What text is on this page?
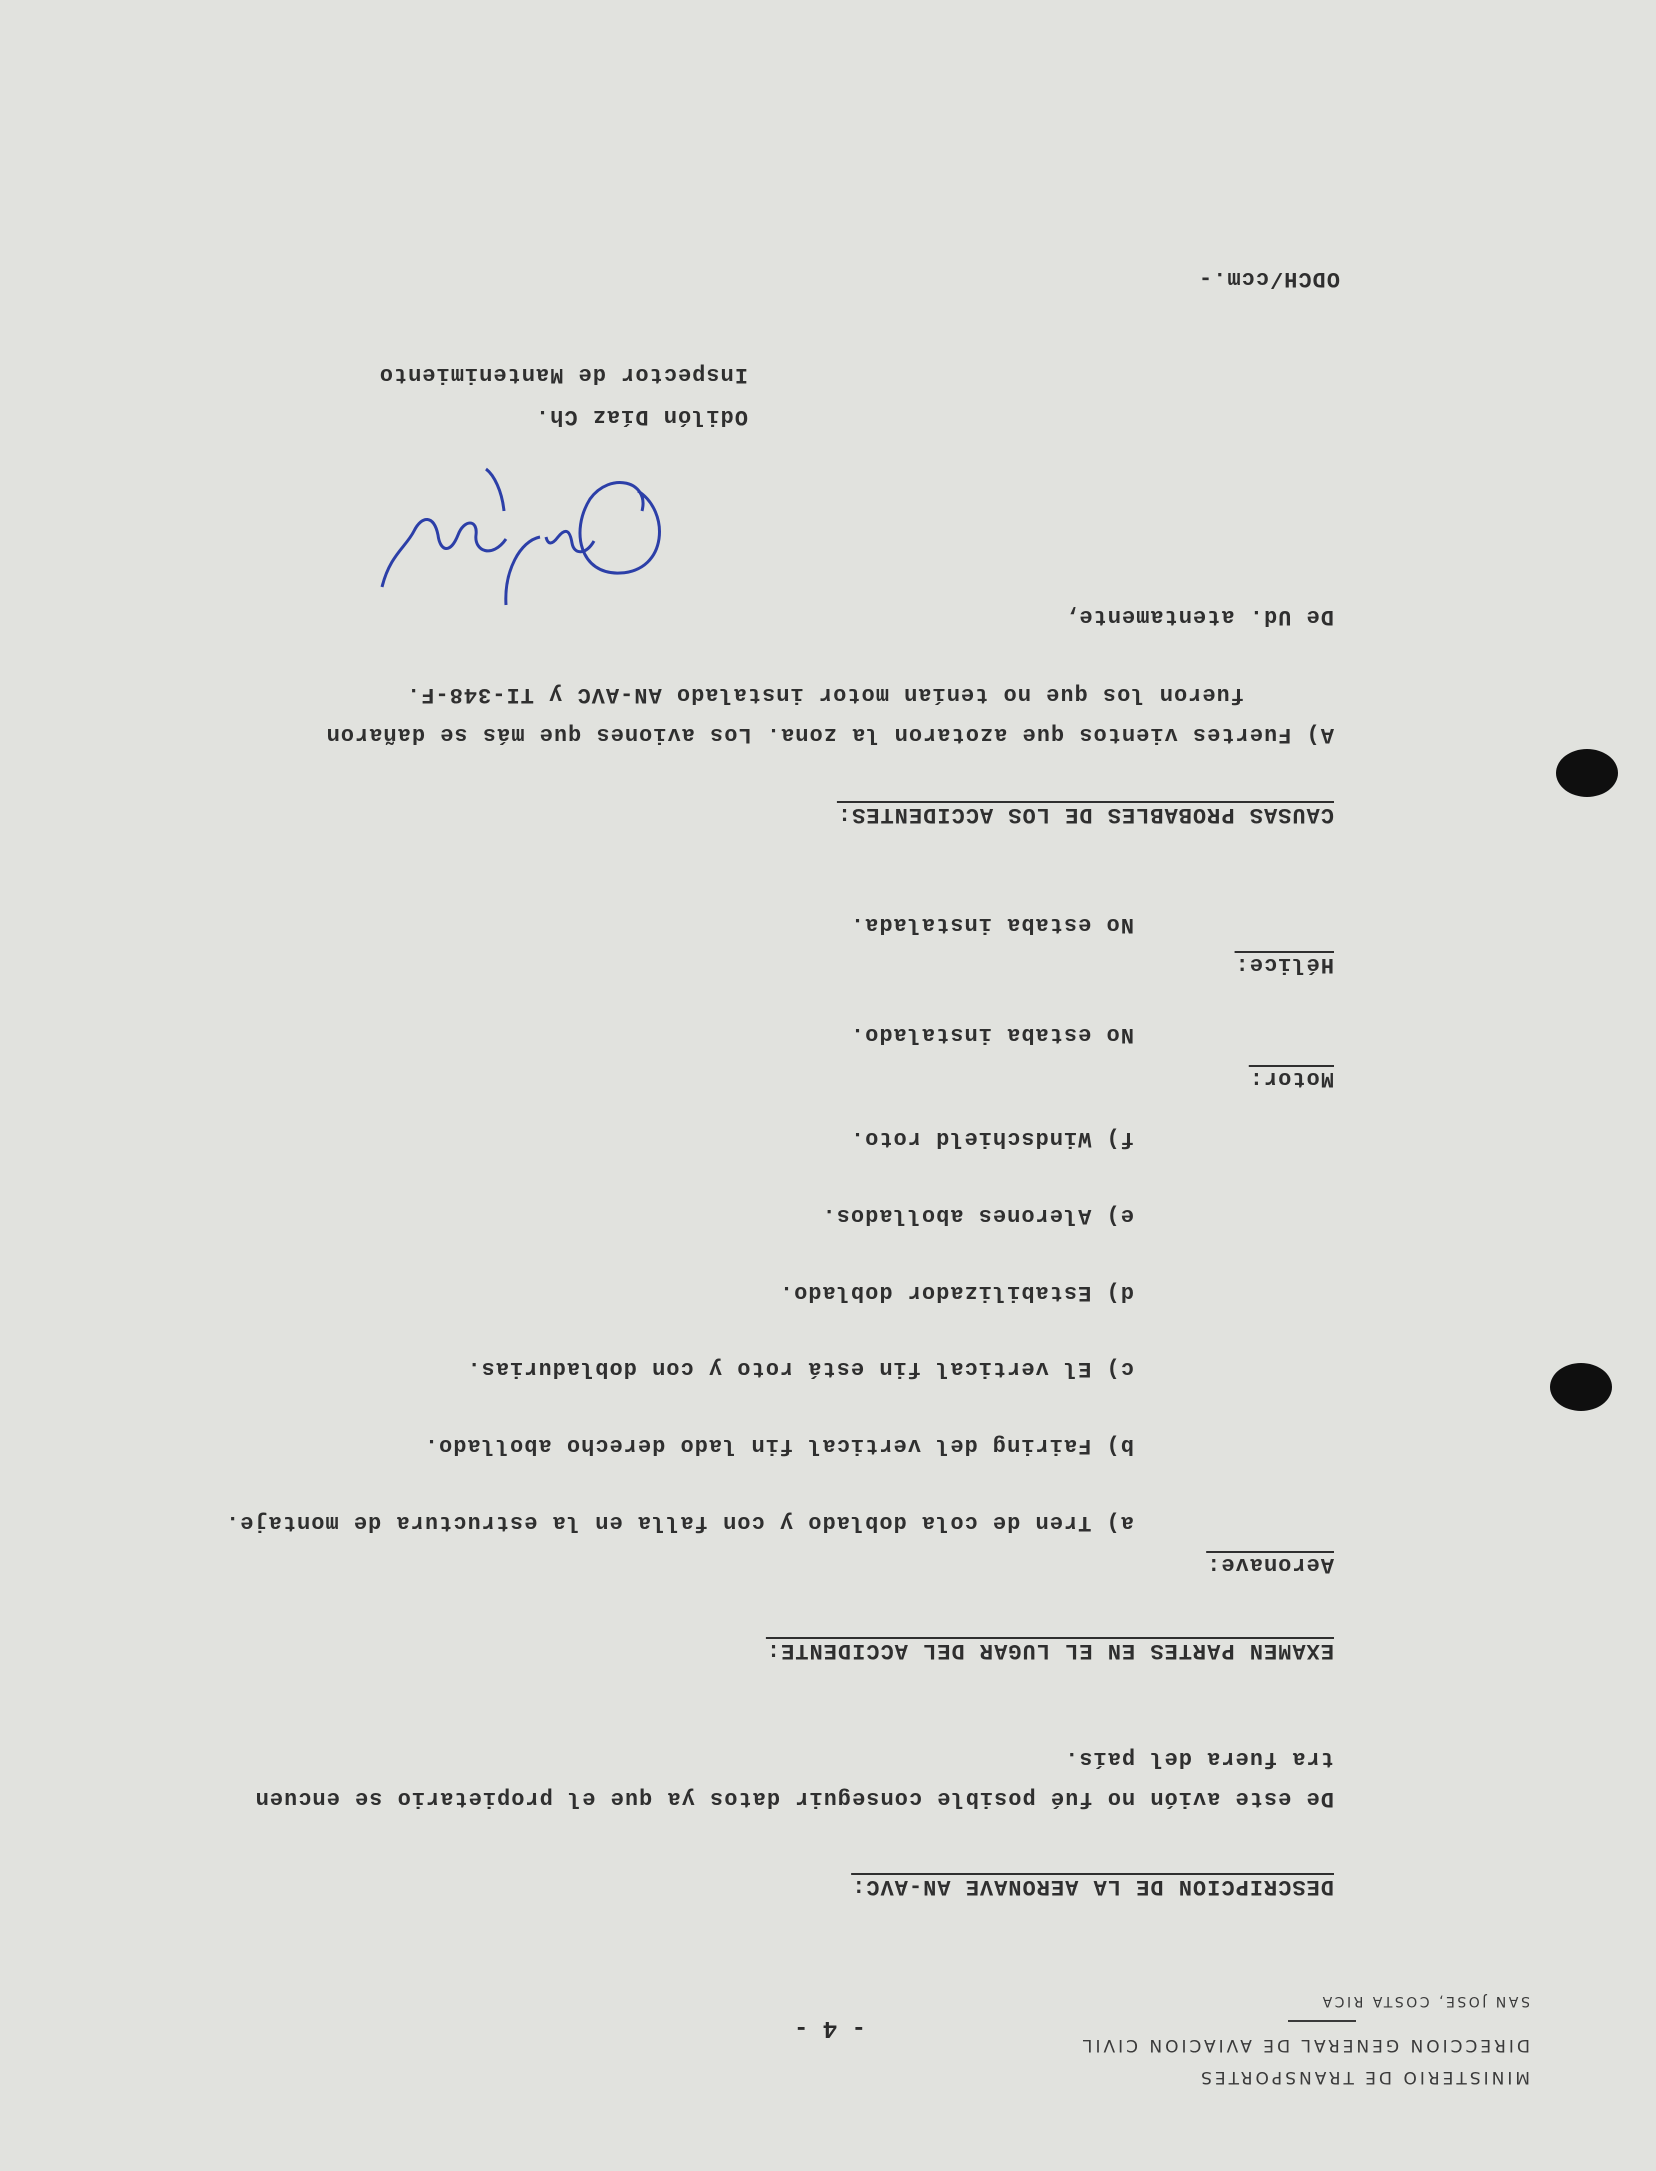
MINISTERIO DE TRANSPORTES
DIRECCION GENERAL DE AVIACION CIVIL
SAN JOSE, COSTA RICA
- 4 -
DESCRIPCION DE LA AERONAVE AN-AVC:
De este avión no fué posible conseguir datos ya que el propietario se encuen
tra fuera del país.
EXAMEN PARTES EN EL LUGAR DEL ACCIDENTE:
Aeronave:
a) Tren de cola doblado y con falla en la estructura de montaje.
b) Fairing del vertical fin lado derecho abollado.
c) El vertical fin está roto y con dobladurias.
d) Estabilizador doblado.
e) Alerones abollados.
f) Windschield roto.
Motor:
No estaba instalado.
Hélice:
No estaba instalada.
CAUSAS PROBABLES DE LOS ACCIDENTES:
A) Fuertes vientos que azotaron la zona. Los aviones que más se dañaron
fueron los que no tenían motor instalado AN-AVC y TI-348-F.
De Ud. atentamente,
Odilón Díaz Ch.
Inspector de Mantenimiento
ODCH/ccm.-
